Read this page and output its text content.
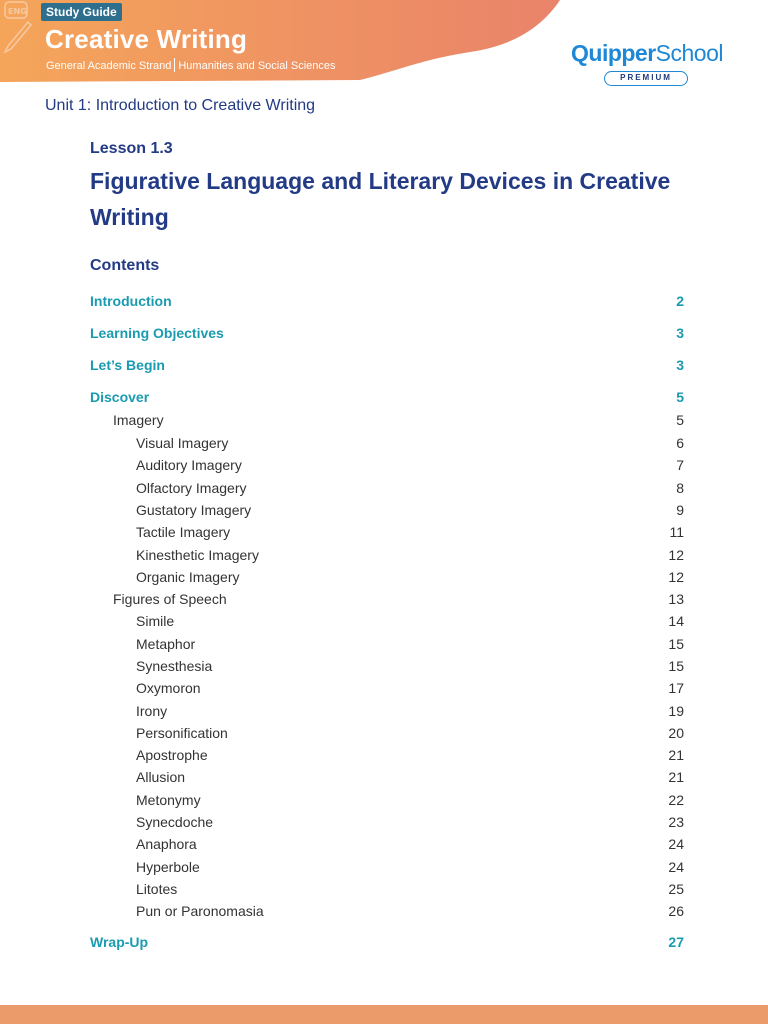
ENG	Study Guide
Creative Writing
General Academic Strand Humanities and Social Sciences	QuipperSchool
PREMIUM
Unit 1: Introduction to Creative Writing
Lesson 1.3
Figurative Language and Literary Devices in Creative Writing
Contents
Introduction	2
Learning Objectives	3
Let’s Begin	3
Discover	5
Imagery	5
Visual Imagery	6
Auditory Imagery	7
Olfactory Imagery	8
Gustatory Imagery	9
Tactile Imagery	11
Kinesthetic Imagery	12
Organic Imagery	12
Figures of Speech	13
Simile	14
Metaphor	15
Synesthesia	15
Oxymoron	17
Irony	19
Personification	20
Apostrophe	21
Allusion	21
Metonymy	22
Synecdoche	23
Anaphora	24
Hyperbole	24
Litotes	25
Pun or Paronomasia	26
Wrap-Up	27
